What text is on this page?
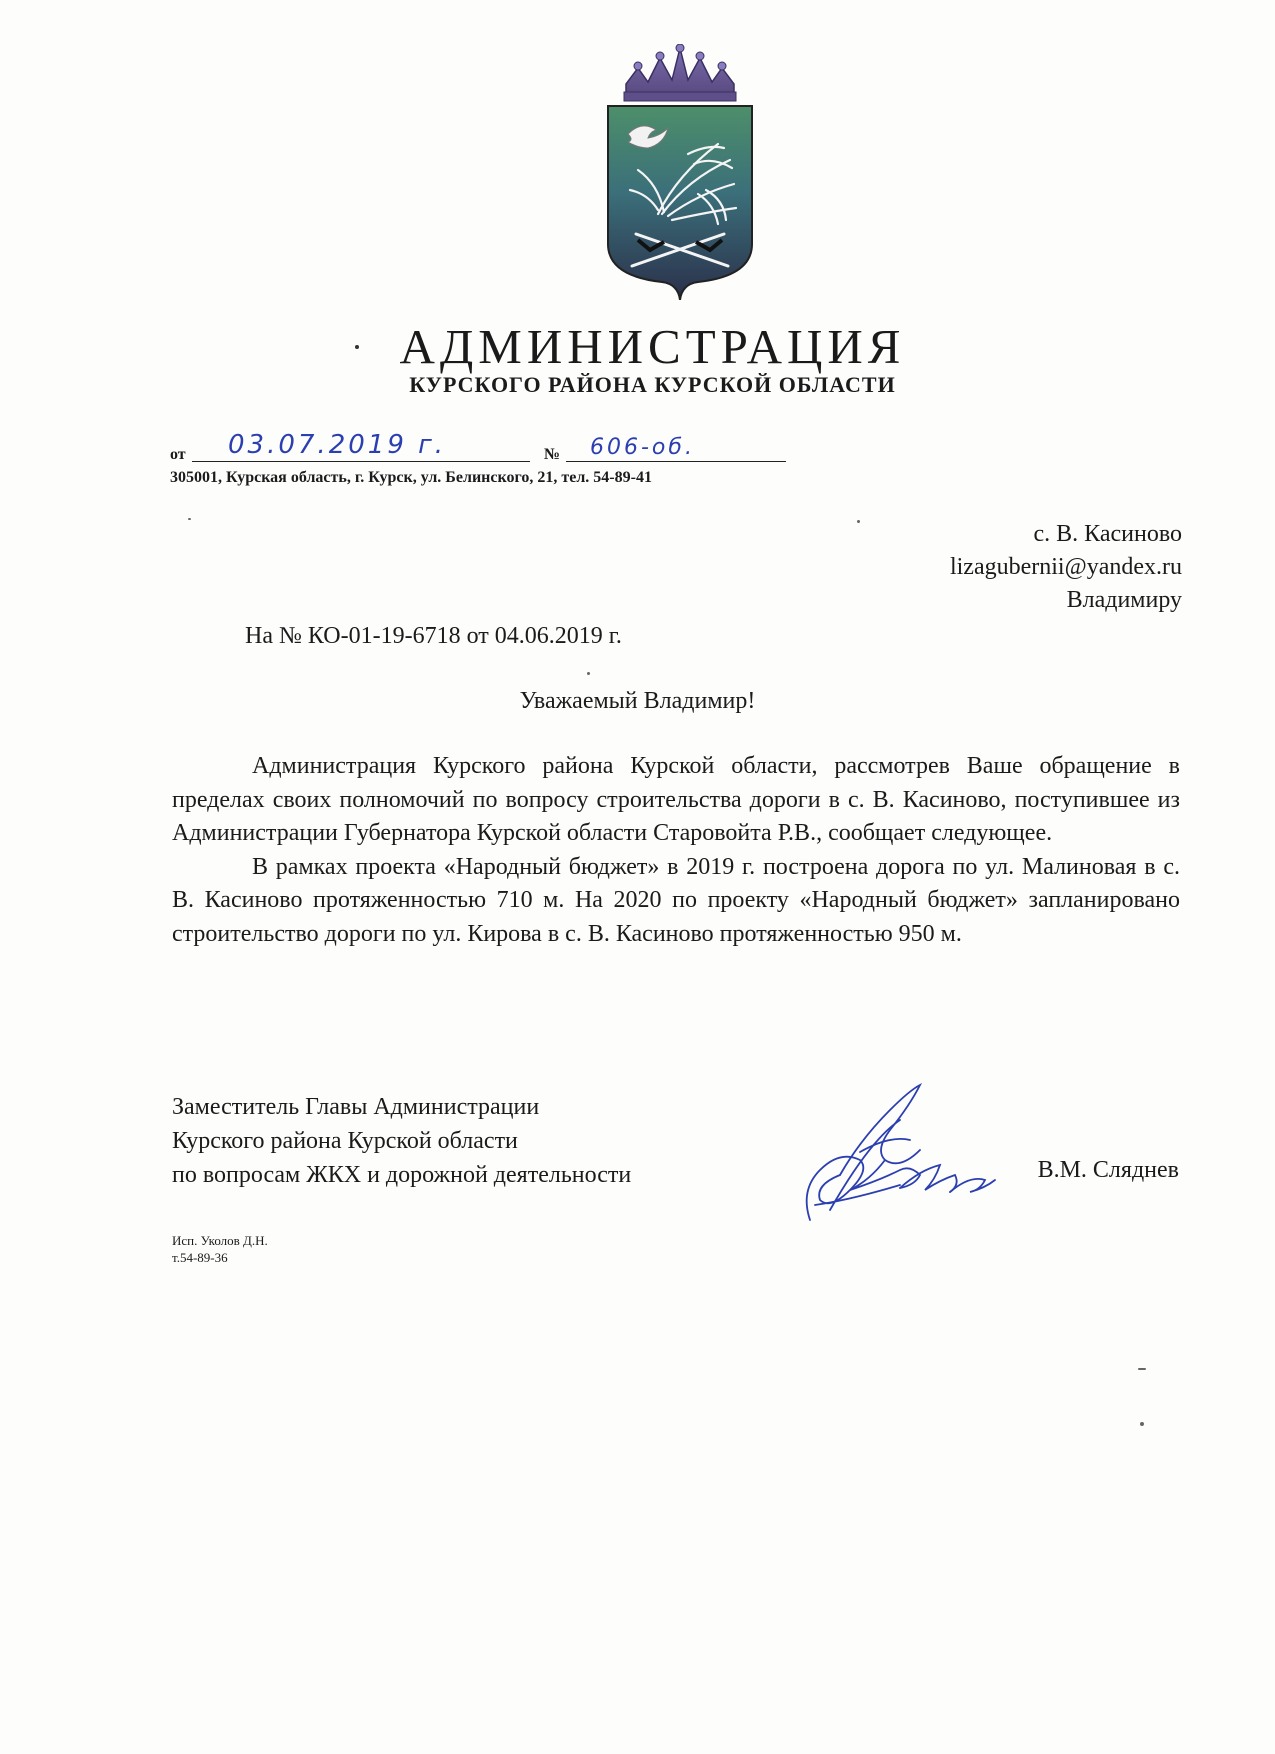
АДМИНИСТРАЦИЯ
КУРСКОГО РАЙОНА КУРСКОЙ ОБЛАСТИ
от 03.07.2019 г.	№ 606-об.
305001, Курская область, г. Курск, ул. Белинского, 21, тел. 54-89-41
с. В. Касиново
lizagubernii@yandex.ru
Владимиру
На № КО-01-19-6718 от 04.06.2019 г.
Уважаемый Владимир!

Администрация Курского района Курской области, рассмотрев Ваше обращение в пределах своих полномочий по вопросу строительства дороги в с. В. Касиново, поступившее из Администрации Губернатора Курской области Старовойта Р.В., сообщает следующее.

В рамках проекта «Народный бюджет» в 2019 г. построена дорога по ул. Малиновая в с. В. Касиново протяженностью 710 м. На 2020 по проекту «Народный бюджет» запланировано строительство дороги по ул. Кирова в с. В. Касиново протяженностью 950 м.

Заместитель Главы Администрации
Курского района Курской области
по вопросам ЖКХ и дорожной деятельности	В.М. Сляднев
Исп. Уколов Д.Н.
т.54-89-36
